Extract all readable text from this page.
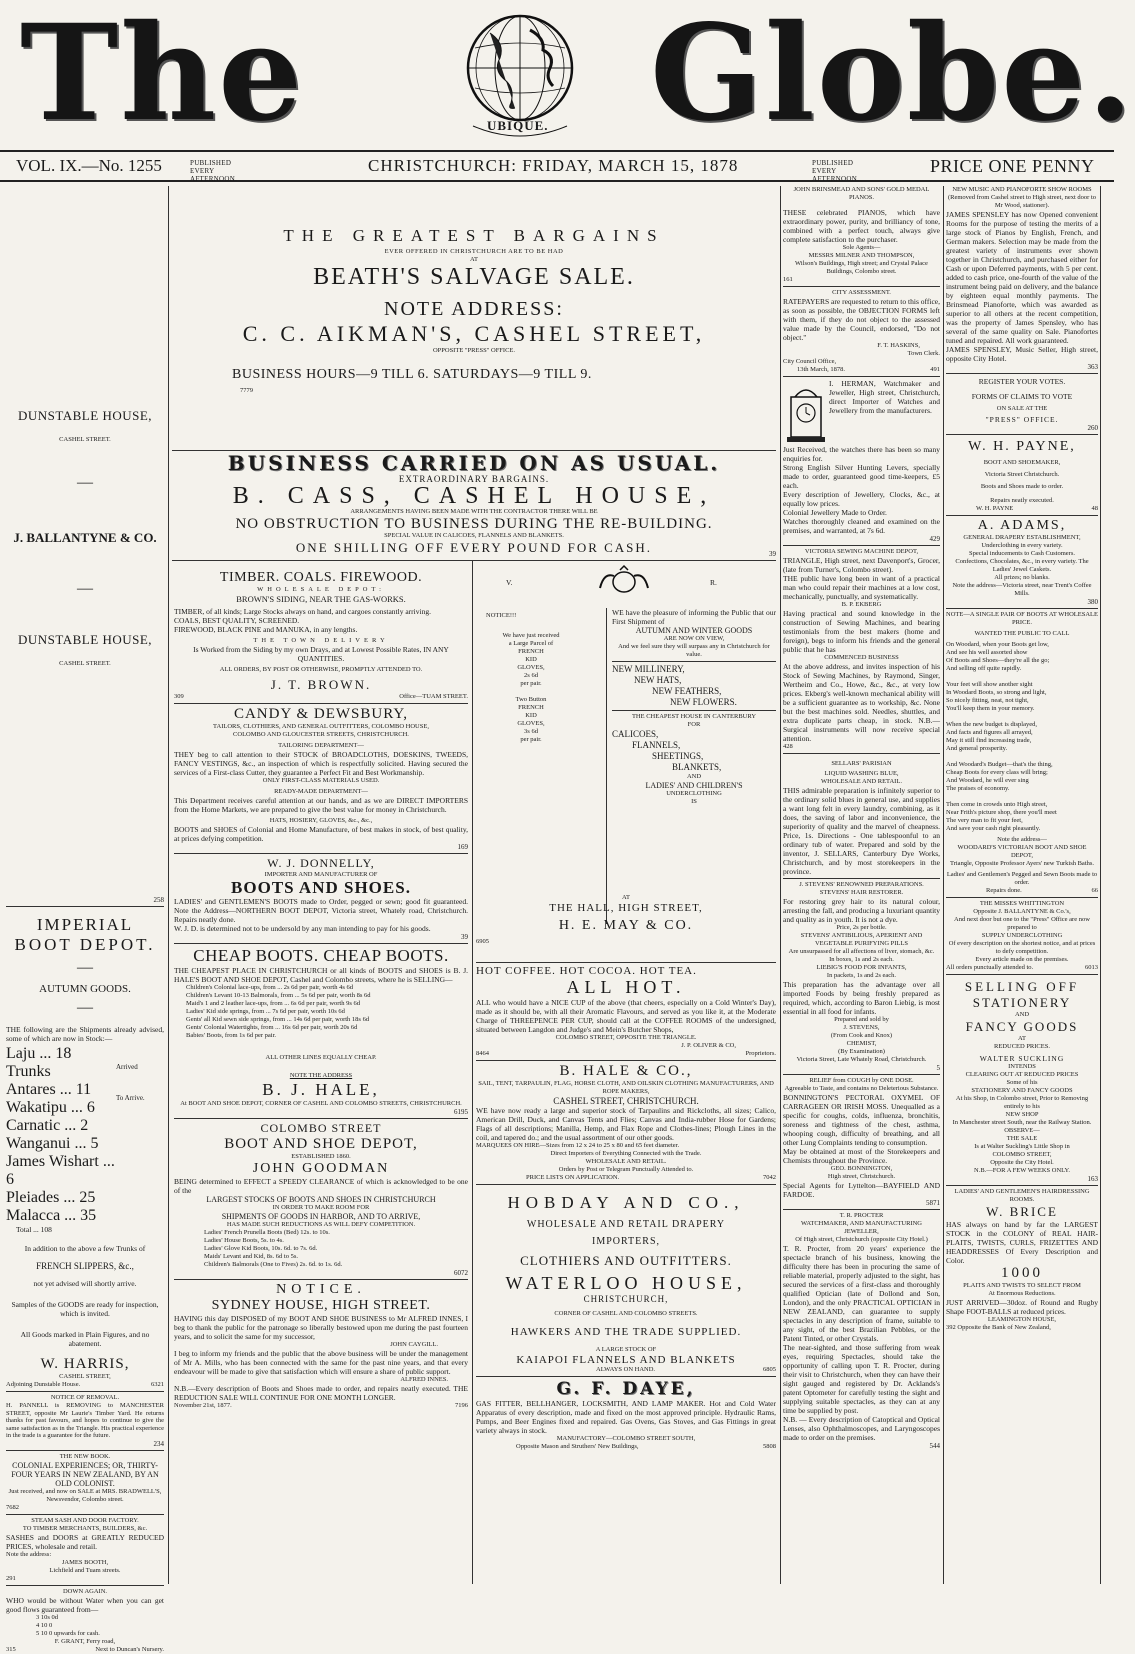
The	UBIQUE. Globe.
VOL. IX.—No. 1255	PUBLISHED EVERY AFTERNOON.
CHRISTCHURCH: FRIDAY, MARCH 15, 1878	PUBLISHED EVERY AFTERNOON.
PRICE ONE PENNY
DUNSTABLE HOUSE,
CASHEL STREET.
—
J. BALLANTYNE & CO.
—
DUNSTABLE HOUSE,
CASHEL STREET.
258
IMPERIAL
BOOT DEPOT.
—
AUTUMN GOODS.
—
THE following are the Shipments already advised, some of which are now in Stock:—
Laju ... 18 Trunks
Antares ... 11
Wakatipu ... 6
Carnatic ... 2
Wanganui ... 5
James Wishart ... 6
Pleiades ... 25
Malacca ... 35
Arrived
To Arrive.
Total ... 108
In addition to the above a few Trunks of
FRENCH SLIPPERS, &c.,
not yet advised will shortly arrive.
Samples of the GOODS are ready for inspection, which is invited.
All Goods marked in Plain Figures, and no abatement.
W. HARRIS,
CASHEL STREET,
Adjoining Dunstable House.	6321
NOTICE OF REMOVAL.
H. PANNELL is REMOVING to MANCHESTER STREET, opposite Mr Laurie's Timber Yard. He returns thanks for past favours, and hopes to continue to give the same satisfaction as in the Triangle. His practical experience in the trade is a guarantee for the future.
234
THE NEW BOOK.
COLONIAL EXPERIENCES; OR, THIRTY-FOUR YEARS IN NEW ZEALAND, BY AN OLD COLONIST.
Just received, and now on SALE at MRS. BRADWELL'S, Newsvendor, Colombo street.
7682
STEAM SASH AND DOOR FACTORY.
TO TIMBER MERCHANTS, BUILDERS, &c.
SASHES and DOORS at GREATLY REDUCED PRICES, wholesale and retail.
Note the address:
JAMES BOOTH,
Lichfield and Tuam streets.
291
DOWN AGAIN.
WHO would be without Water when you can get good flows guaranteed from—
3 10s 0d
4 10 0
5 10 0 upwards for cash.
F. GRANT, Ferry road,
315	Next to Duncan's Nursery.
THE GREATEST BARGAINS
EVER OFFERED IN CHRISTCHURCH ARE TO BE HAD
AT
BEATH'S SALVAGE SALE.
NOTE ADDRESS:
C. C. AIKMAN'S, CASHEL STREET,
OPPOSITE "PRESS" OFFICE.
BUSINESS HOURS—9 TILL 6. SATURDAYS—9 TILL 9.
7779
BUSINESS CARRIED ON AS USUAL.
EXTRAORDINARY BARGAINS.
B. CASS, CASHEL HOUSE,
ARRANGEMENTS HAVING BEEN MADE WITH THE CONTRACTOR THERE WILL BE
NO OBSTRUCTION TO BUSINESS DURING THE RE-BUILDING.
SPECIAL VALUE IN CALICOES, FLANNELS AND BLANKETS.
ONE SHILLING OFF EVERY POUND FOR CASH.	39
TIMBER. COALS. FIREWOOD.
WHOLESALE DEPOT:
BROWN'S SIDING, NEAR THE GAS-WORKS.
TIMBER, of all kinds; Large Stocks always on hand, and cargoes constantly arriving.
COALS, BEST QUALITY, SCREENED.
FIREWOOD, BLACK PINE and MANUKA, in any lengths.
THE TOWN DELIVERY
Is Worked from the Siding by my own Drays, and at Lowest Possible Rates, IN ANY QUANTITIES.
ALL ORDERS, BY POST OR OTHERWISE, PROMPTLY ATTENDED TO.
J. T. BROWN.
309	Office—TUAM STREET.
CANDY & DEWSBURY,
TAILORS, CLOTHIERS, AND GENERAL OUTFITTERS, COLOMBO HOUSE,
COLOMBO AND GLOUCESTER STREETS, CHRISTCHURCH.
TAILORING DEPARTMENT—
THEY beg to call attention to their STOCK of BROADCLOTHS, DOESKINS, TWEEDS, FANCY VESTINGS, &c., an inspection of which is respectfully solicited. Having secured the services of a First-class Cutter, they guarantee a Perfect Fit and Best Workmanship.
ONLY FIRST-CLASS MATERIALS USED.
READY-MADE DEPARTMENT—
This Department receives careful attention at our hands, and as we are DIRECT IMPORTERS from the Home Markets, we are prepared to give the best value for money in Christchurch.
HATS, HOSIERY, GLOVES, &c., &c.,
BOOTS and SHOES of Colonial and Home Manufacture, of best makes in stock, of best quality, at prices defying competition.
169
W. J. DONNELLY,
IMPORTER AND MANUFACTURER OF
BOOTS AND SHOES.
LADIES' and GENTLEMEN'S BOOTS made to Order, pegged or sewn; good fit guaranteed. Note the Address—NORTHERN BOOT DEPOT, Victoria street, Whately road, Christchurch. Repairs neatly done.
W. J. D. is determined not to be undersold by any man intending to pay for his goods.
39
CHEAP BOOTS. CHEAP BOOTS.
THE CHEAPEST PLACE IN CHRISTCHURCH or all kinds of BOOTS and SHOES is B. J. HALE'S BOOT AND SHOE DEPOT, Cashel and Colombo streets, where he is SELLING—
Children's Colonial lace-ups, from ... 2s 6d per pair, worth 4s 6d
Children's Levant 10-13 Balmorals, from ... 5s 6d per pair, worth 8s 6d
Maid's 1 and 2 leather lace-ups, from ... 6s 6d per pair, worth 9s 6d
Ladies' Kid side springs, from ... 7s 6d per pair, worth 10s 6d
Gents' all Kid sewn side springs, from ... 14s 6d per pair, worth 18s 6d
Gents' Colonial Watertights, from ... 16s 6d per pair, worth 20s 6d
Babies' Boots, from 1s 6d per pair.
ALL OTHER LINES EQUALLY CHEAP.
NOTE THE ADDRESS
B. J. HALE,
At BOOT AND SHOE DEPOT, CORNER OF CASHEL AND COLOMBO STREETS, CHRISTCHURCH.
6195
COLOMBO STREET
BOOT AND SHOE DEPOT,
ESTABLISHED 1860.
JOHN GOODMAN
BEING determined to EFFECT a SPEEDY CLEARANCE of which is acknowledged to be one of the
LARGEST STOCKS OF BOOTS AND SHOES IN CHRISTCHURCH
IN ORDER TO MAKE ROOM FOR
SHIPMENTS OF GOODS IN HARBOR, AND TO ARRIVE,
HAS MADE SUCH REDUCTIONS AS WILL DEFY COMPETITION.
Ladies' French Prunella Boots (Bed) 12s. to 10s.
Ladies' House Boots, 5s. to 4s.
Ladies' Glove Kid Boots, 10s. 6d. to 7s. 6d.
Maids' Levant and Kid, 8s. 6d to 5s.
Children's Balmorals (One to Fives) 2s. 6d. to 1s. 6d.
6072
NOTICE.
SYDNEY HOUSE, HIGH STREET.
HAVING this day DISPOSED of my BOOT AND SHOE BUSINESS to Mr ALFRED INNES, I beg to thank the public for the patronage so liberally bestowed upon me during the past fourteen years, and to solicit the same for my successor,
JOHN CAYGILL.
I beg to inform my friends and the public that the above business will be under the management of Mr A. Mills, who has been connected with the same for the past nine years, and that every endeavour will be made to give that satisfaction which will ensure a share of public support.
ALFRED INNES.
N.B.—Every description of Boots and Shoes made to order, and repairs neatly executed. THE REDUCTION SALE WILL CONTINUE FOR ONE MONTH LONGER.
November 21st, 1877.	7196
V.	R.
NOTICE!!!
We have just received
a Large Parcel of
FRENCH
KID
GLOVES,
2s 6d
per pair.

Two Button
FRENCH
KID
GLOVES,
3s 6d
per pair.
WE have the pleasure of informing the Public that our First Shipment of
AUTUMN AND WINTER GOODS
ARE NOW ON VIEW,
And we feel sure they will surpass any in Christchurch for value.
NEW MILLINERY,
NEW HATS,
NEW FEATHERS,
NEW FLOWERS.
THE CHEAPEST HOUSE IN CANTERBURY
FOR
CALICOES,
FLANNELS,
SHEETINGS,
BLANKETS,
AND
LADIES' AND CHILDREN'S
UNDERCLOTHING
IS
AT
THE HALL, HIGH STREET,
H. E. MAY & CO.
6905
HOT COFFEE. HOT COCOA. HOT TEA.
ALL HOT.
ALL who would have a NICE CUP of the above (that cheers, especially on a Cold Winter's Day), made as it should be, with all their Aromatic Flavours, and served as you like it, at the Moderate Charge of THREEPENCE PER CUP, should call at the COFFEE ROOMS of the undersigned, situated between Langdon and Judge's and Mein's Butcher Shops,
COLOMBO STREET, OPPOSITE THE TRIANGLE.
J. P. OLIVER & CO,
8464	Proprietors.
B. HALE & CO.,
SAIL, TENT, TARPAULIN, FLAG, HORSE CLOTH, AND OILSKIN CLOTHING MANUFACTURERS, AND ROPE MAKERS,
CASHEL STREET, CHRISTCHURCH.
WE have now ready a large and superior stock of Tarpaulins and Rickcloths, all sizes; Calico, American Drill, Duck, and Canvas Tents and Flies; Canvas and India-rubber Hose for Gardens; Flags of all descriptions; Manilla, Hemp, and Flax Rope and Clothes-lines; Plough Lines in the coil, and tapered do.; and the usual assortment of our other goods.
MARQUEES ON HIRE—Sizes from 12 x 24 to 25 x 80 and 65 feet diameter.
Direct Importers of Everything Connected with the Trade.
WHOLESALE AND RETAIL.
Orders by Post or Telegram Punctually Attended to.
PRICE LISTS ON APPLICATION.	7042
HOBDAY AND CO.,
WHOLESALE AND RETAIL DRAPERY
IMPORTERS,
CLOTHIERS AND OUTFITTERS.
WATERLOO HOUSE,
CHRISTCHURCH,
CORNER OF CASHEL AND COLOMBO STREETS.
HAWKERS AND THE TRADE SUPPLIED.
A LARGE STOCK OF
KAIAPOI FLANNELS AND BLANKETS
ALWAYS ON HAND.	6805
G. F. DAYE,
GAS FITTER, BELLHANGER, LOCKSMITH, AND LAMP MAKER. Hot and Cold Water Apparatus of every description, made and fixed on the most approved principle. Hydraulic Rams, Pumps, and Beer Engines fixed and repaired. Gas Ovens, Gas Stoves, and Gas Fittings in great variety always in stock.
MANUFACTORY—COLOMBO STREET SOUTH,
Opposite Mason and Struthers' New Buildings,	5808
JOHN BRINSMEAD AND SONS' GOLD MEDAL PIANOS.
THESE celebrated PIANOS, which have extraordinary power, purity, and brilliancy of tone, combined with a perfect touch, always give complete satisfaction to the purchaser.
Sole Agents—
MESSRS MILNER AND THOMPSON,
Wilson's Buildings, High street; and Crystal Palace Buildings, Colombo street.
161
CITY ASSESSMENT.
RATEPAYERS are requested to return to this office, as soon as possible, the OBJECTION FORMS left with them, if they do not object to the assessed value made by the Council, endorsed, "Do not object."
F. T. HASKINS,
Town Clerk.
City Council Office,
13th March, 1878.	491
I. HERMAN, Watchmaker and Jeweller, High street, Christchurch, direct Importer of Watches and Jewellery from the manufacturers.
Just Received, the watches there has been so many enquiries for.
Strong English Silver Hunting Levers, specially made to order, guaranteed good time-keepers, £5 each.
Every description of Jewellery, Clocks, &c., at equally low prices.
Colonial Jewellery Made to Order.
Watches thoroughly cleaned and examined on the premises, and warranted, at 7s 6d.
429
VICTORIA SEWING MACHINE DEPOT,
TRIANGLE, High street, next Davenport's, Grocer, (late from Turner's, Colombo street).
THE public have long been in want of a practical man who could repair their machines at a low cost, mechanically, punctually, and systematically.
B. P. EKBERG
Having practical and sound knowledge in the construction of Sewing Machines, and bearing testimonials from the best makers (home and foreign), begs to inform his friends and the general public that he has
COMMENCED BUSINESS
At the above address, and invites inspection of his Stock of Sewing Machines, by Raymond, Singer, Wertheim and Co., Howe, &c., &c., at very low prices. Ekberg's well-known mechanical ability will be a sufficient guarantee as to workship, &c. None but the best machines sold. Needles, shuttles, and extra duplicate parts cheap, in stock. N.B.—Surgical instruments will now receive special attention.
428
SELLARS' PARISIAN
LIQUID WASHING BLUE,
WHOLESALE AND RETAIL.
THIS admirable preparation is infinitely superior to the ordinary solid blues in general use, and supplies a want long felt in every laundry, combining, as it does, the saving of labor and inconvenience, the superiority of quality and the marvel of cheapness. Price, 1s. Directions - One tablespoonful to an ordinary tub of water. Prepared and sold by the inventor, J. SELLARS, Canterbury Dye Works, Christchurch, and by most storekeepers in the province.
J. STEVENS' RENOWNED PREPARATIONS.
STEVENS' HAIR RESTORER.
For restoring grey hair to its natural colour, arresting the fall, and producing a luxuriant quantity and quality as in youth. It is not a dye.
Price, 2s per bottle.
STEVENS' ANTIBILIOUS, APERIENT AND VEGETABLE PURIFYING PILLS
Are unsurpassed for all affections of liver, stomach, &c.
In boxes, 1s and 2s each.
LIEBIG'S FOOD FOR INFANTS,
In packets, 1s and 2s each.
This preparation has the advantage over all imported Foods by being freshly prepared as required, which, according to Baron Liebig, is most essential in all food for infants.
Prepared and sold by
J. STEVENS,
(From Cook and Knox)
CHEMIST,
(By Examination)
Victoria Street, Late Whately Road, Christchurch.
5
RELIEF from COUGH by ONE DOSE.
Agreeable to Taste, and contains no Deleterious Substance.
BONNINGTON'S PECTORAL OXYMEL OF CARRAGEEN OR IRISH MOSS. Unequalled as a specific for coughs, colds, influenza, bronchitis, soreness and tightness of the chest, asthma, whooping cough, difficulty of breathing, and all other Lung Complaints tending to consumption.
May be obtained at most of the Storekeepers and Chemists throughout the Province.
GEO. BONNINGTON,
High street, Christchurch.
Special Agents for Lyttelton—BAYFIELD AND FARDOE.
5871
T. R. PROCTER
WATCHMAKER, AND MANUFACTURING JEWELLER,
Of High street, Christchurch (opposite City Hotel.)
T. R. Procter, from 20 years' experience the spectacle branch of his business, knowing the difficulty there has been in procuring the same of reliable material, properly adjusted to the sight, has secured the services of a first-class and thoroughly qualified Optician (late of Dollond and Son, London), and the only PRACTICAL OPTICIAN in NEW ZEALAND, can guarantee to supply spectacles in any description of frame, suitable to any sight, of the best Brazilian Pebbles, or the Patent Tinted, or other Crystals.
The near-sighted, and those suffering from weak eyes, requiring Spectacles, should take the opportunity of calling upon T. R. Procter, during their visit to Christchurch, when they can have their sight gauged and registered by Dr. Acklands's patent Optometer for carefully testing the sight and supplying suitable spectacles, as they can at any time be supplied by post.
N.B. — Every description of Catoptical and Optical Lenses, also Ophthalmoscopes, and Laryngoscopes made to order on the premises.
544
NEW MUSIC AND PIANOFORTE SHOW ROOMS
(Removed from Cashel street to High street, next door to Mr Wood, stationer).
JAMES SPENSLEY has now Opened convenient Rooms for the purpose of testing the merits of a large stock of Pianos by English, French, and German makers. Selection may be made from the greatest variety of instruments ever shown together in Christchurch, and purchased either for Cash or upon Deferred payments, with 5 per cent. added to cash price, one-fourth of the value of the instrument being paid on delivery, and the balance by eighteen equal monthly payments. The Brinsmead Pianoforte, which was awarded as superior to all others at the recent competition, was the property of James Spensley, who has several of the same quality on Sale. Pianofortes tuned and repaired. All work guaranteed.
JAMES SPENSLEY, Music Seller, High street, opposite City Hotel.
363
REGISTER YOUR VOTES.
FORMS OF CLAIMS TO VOTE
ON SALE AT THE
"PRESS" OFFICE.
260
W. H. PAYNE,
BOOT AND SHOEMAKER,
Victoria Street Christchurch.
Boots and Shoes made to order.
Repairs neatly executed.
W. H. PAYNE	48
A. ADAMS,
GENERAL DRAPERY ESTABLISHMENT,
Underclothing in every variety.
Special inducements to Cash Customers.
Confections, Chocolates, &c., in every variety. The Ladies' Jewel Caskets.
All prizes; no blanks.
Note the address—Victoria street, near Trent's Coffee Mills.
380
NOTE—A SINGLE PAIR OF BOOTS AT WHOLESALE PRICE.
WANTED THE PUBLIC TO CALL
On Woodard, when your Boots get low,
And see his well assorted show
Of Boots and Shoes—they're all the go;
And selling off quite rapidly.

Your feet will show another sight
In Woodard Boots, so strong and light,
So nicely fitting, neat, not tight,
You'll keep them in your memory.

When the new budget is displayed,
And facts and figures all arrayed,
May it still find increasing trade,
And general prosperity.

And Woodard's Budget—that's the thing,
Cheap Boots for every class will bring;
And Woodard, he will ever sing
The praises of economy.

Then come in crowds unto High street,
Near Frith's picture shop, there you'll meet
The very man to fit your feet,
And save your cash right pleasantly.
Note the address—
WOODARD'S VICTORIAN BOOT AND SHOE DEPOT,
Triangle, Opposite Professor Ayers' new Turkish Baths.
Ladies' and Gentlemen's Pegged and Sewn Boots made to order.
Repairs done.	66
THE MISSES WHITTINGTON
Opposite J. BALLANTYNE & Co.'s,
And next door but one to the "Press" Office are now prepared to
SUPPLY UNDERCLOTHING
Of every description on the shortest notice, and at prices to defy competition.
Every article made on the premises.
All orders punctually attended to.	6013
SELLING OFF
STATIONERY
AND
FANCY GOODS
AT
REDUCED PRICES.
WALTER SUCKLING
INTENDS
CLEARING OUT AT REDUCED PRICES
Some of his
STATIONERY AND FANCY GOODS
At his Shop, in Colombo street, Prior to Removing entirely to his
NEW SHOP
In Manchester street South, near the Railway Station.
OBSERVE—
THE SALE
Is at Walter Suckling's Little Shop in
COLOMBO STREET,
Opposite the City Hotel.
N.B.—FOR A FEW WEEKS ONLY.
163
LADIES' AND GENTLEMEN'S HAIRDRESSING ROOMS.
W. BRICE
HAS always on hand by far the LARGEST STOCK in the COLONY of REAL HAIR-PLAITS, TWISTS, CURLS, FRIZETTES AND HEADDRESSES Of Every Description and Color.
1000
PLAITS AND TWISTS TO SELECT FROM
At Enormous Reductions.
JUST ARRIVED—30doz. of Round and Rugby Shape FOOT-BALLS at reduced prices.
LEAMINGTON HOUSE,
392 Opposite the Bank of New Zealand,
